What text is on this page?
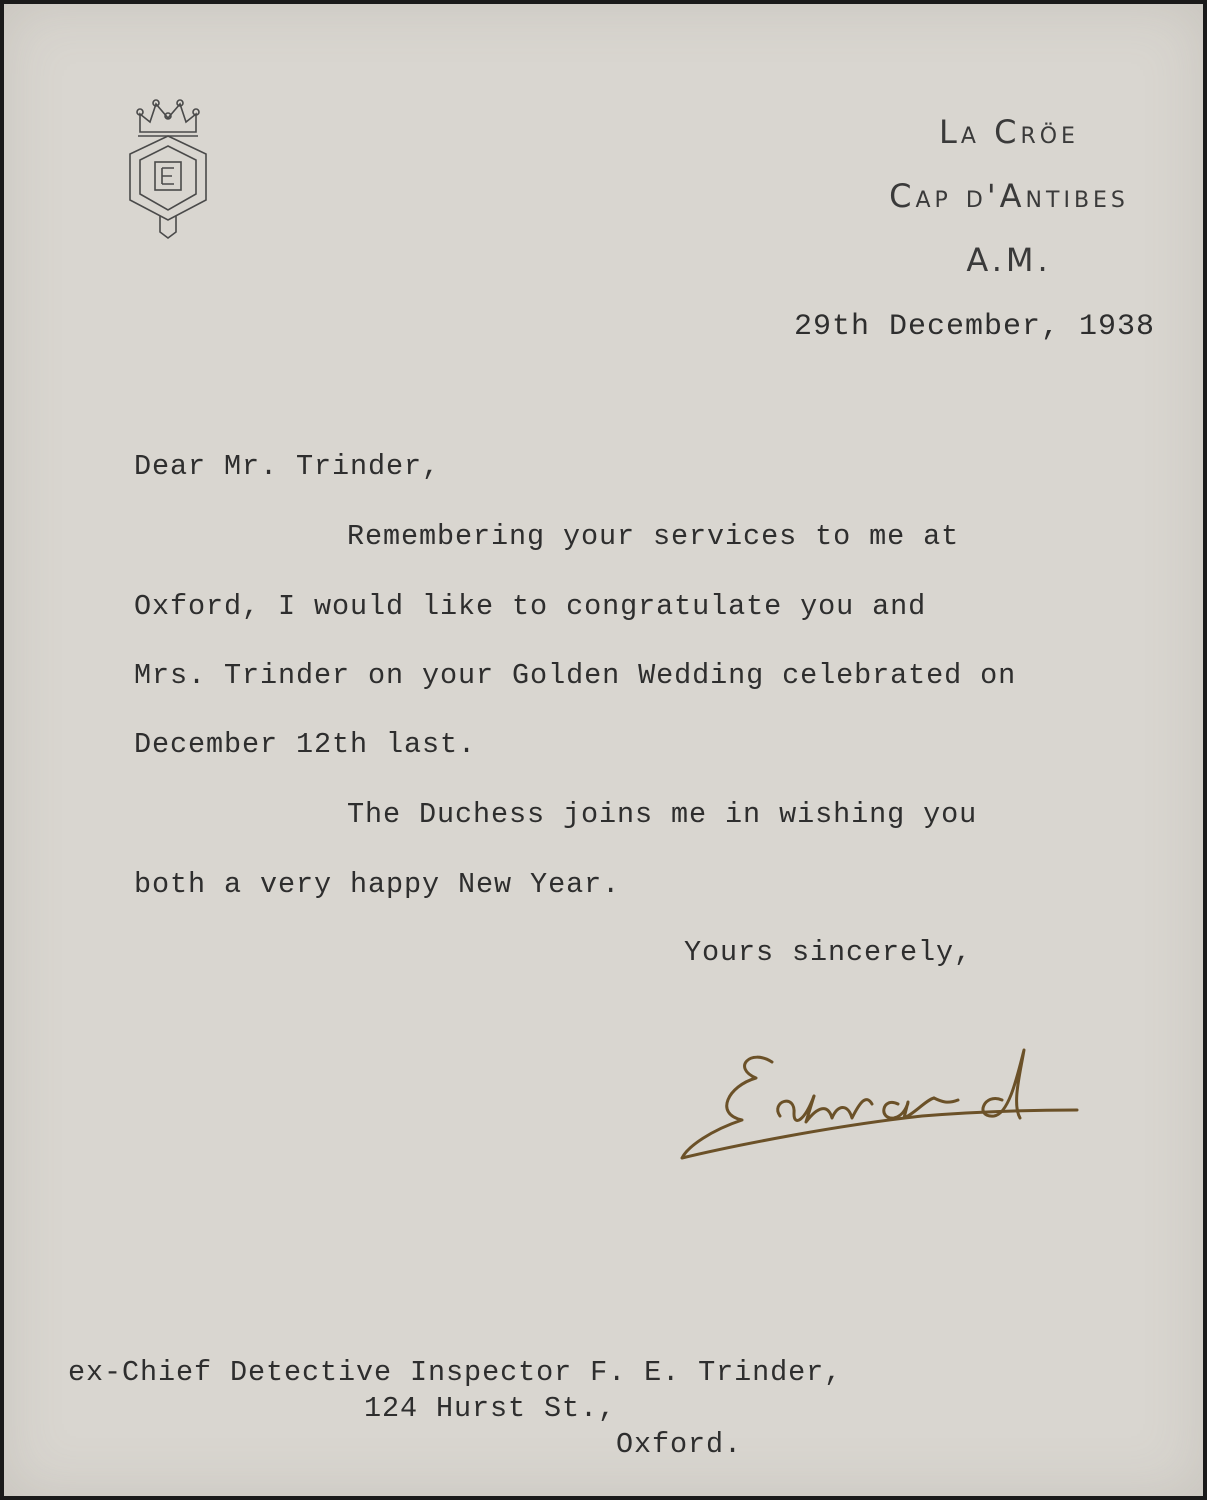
La Cröe
Cap d'Antibes
A.M.
29th December, 1938
Dear Mr. Trinder,
Remembering your services to me at
Oxford, I would like to congratulate you and
Mrs. Trinder on your Golden Wedding celebrated on
December 12th last.
The Duchess joins me in wishing you
both a very happy New Year.
Yours sincerely,
ex-Chief Detective Inspector F. E. Trinder,
124 Hurst St.,
Oxford.
